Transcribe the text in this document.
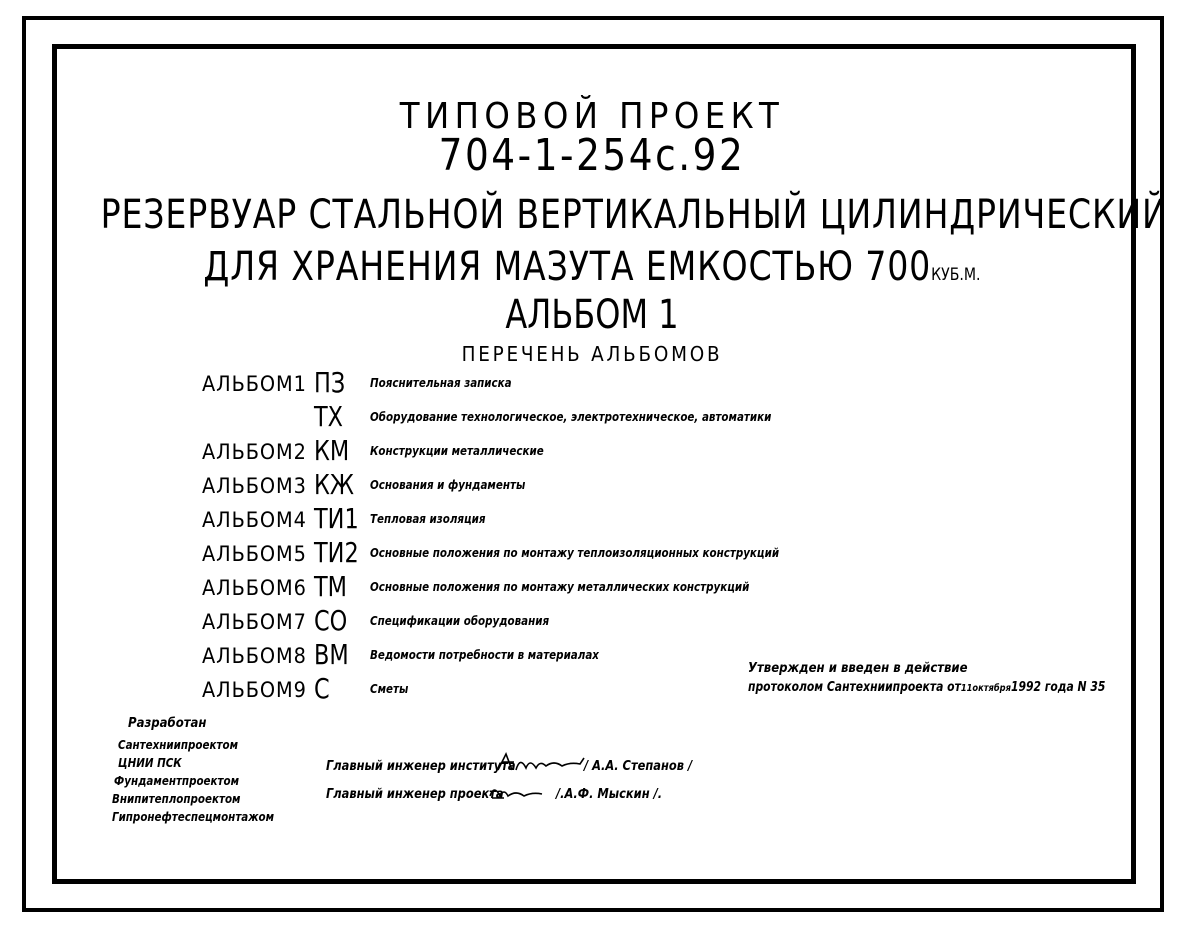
ТИПОВОЙ ПРОЕКТ
704-1-254с.92
РЕЗЕРВУАР СТАЛЬНОЙ ВЕРТИКАЛЬНЫЙ ЦИЛИНДРИЧЕСКИЙ
ДЛЯ ХРАНЕНИЯ МАЗУТА ЕМКОСТЬЮ 700КУБ.М.
АЛЬБОМ 1
ПЕРЕЧЕНЬ АЛЬБОМОВ
АЛЬБОМ1 ПЗ Пояснительная записка
ТХ Оборудование технологическое, электротехническое, автоматики
АЛЬБОМ2 КМ Конструкции металлические
АЛЬБОМ3 КЖ Основания и фундаменты
АЛЬБОМ4 ТИ1 Тепловая изоляция
АЛЬБОМ5 ТИ2 Основные положения по монтажу теплоизоляционных конструкций
АЛЬБОМ6 ТМ Основные положения по монтажу металлических конструкций
АЛЬБОМ7 СО Спецификации оборудования
АЛЬБОМ8 ВМ Ведомости потребности в материалах
АЛЬБОМ9 С	Сметы
Утвержден и введен в действие
протоколом Сантехниипроекта от11октября1992 года N 35
Разработан
Сантехниипроектом
ЦНИИ ПСК
Фундаментпроектом
Внипитеплопроектом
Гипронефтеспецмонтажом
Главный инженер института	/ А.А. Степанов /
Главный инженер проекта	/.А.Ф. Мыскин /.
